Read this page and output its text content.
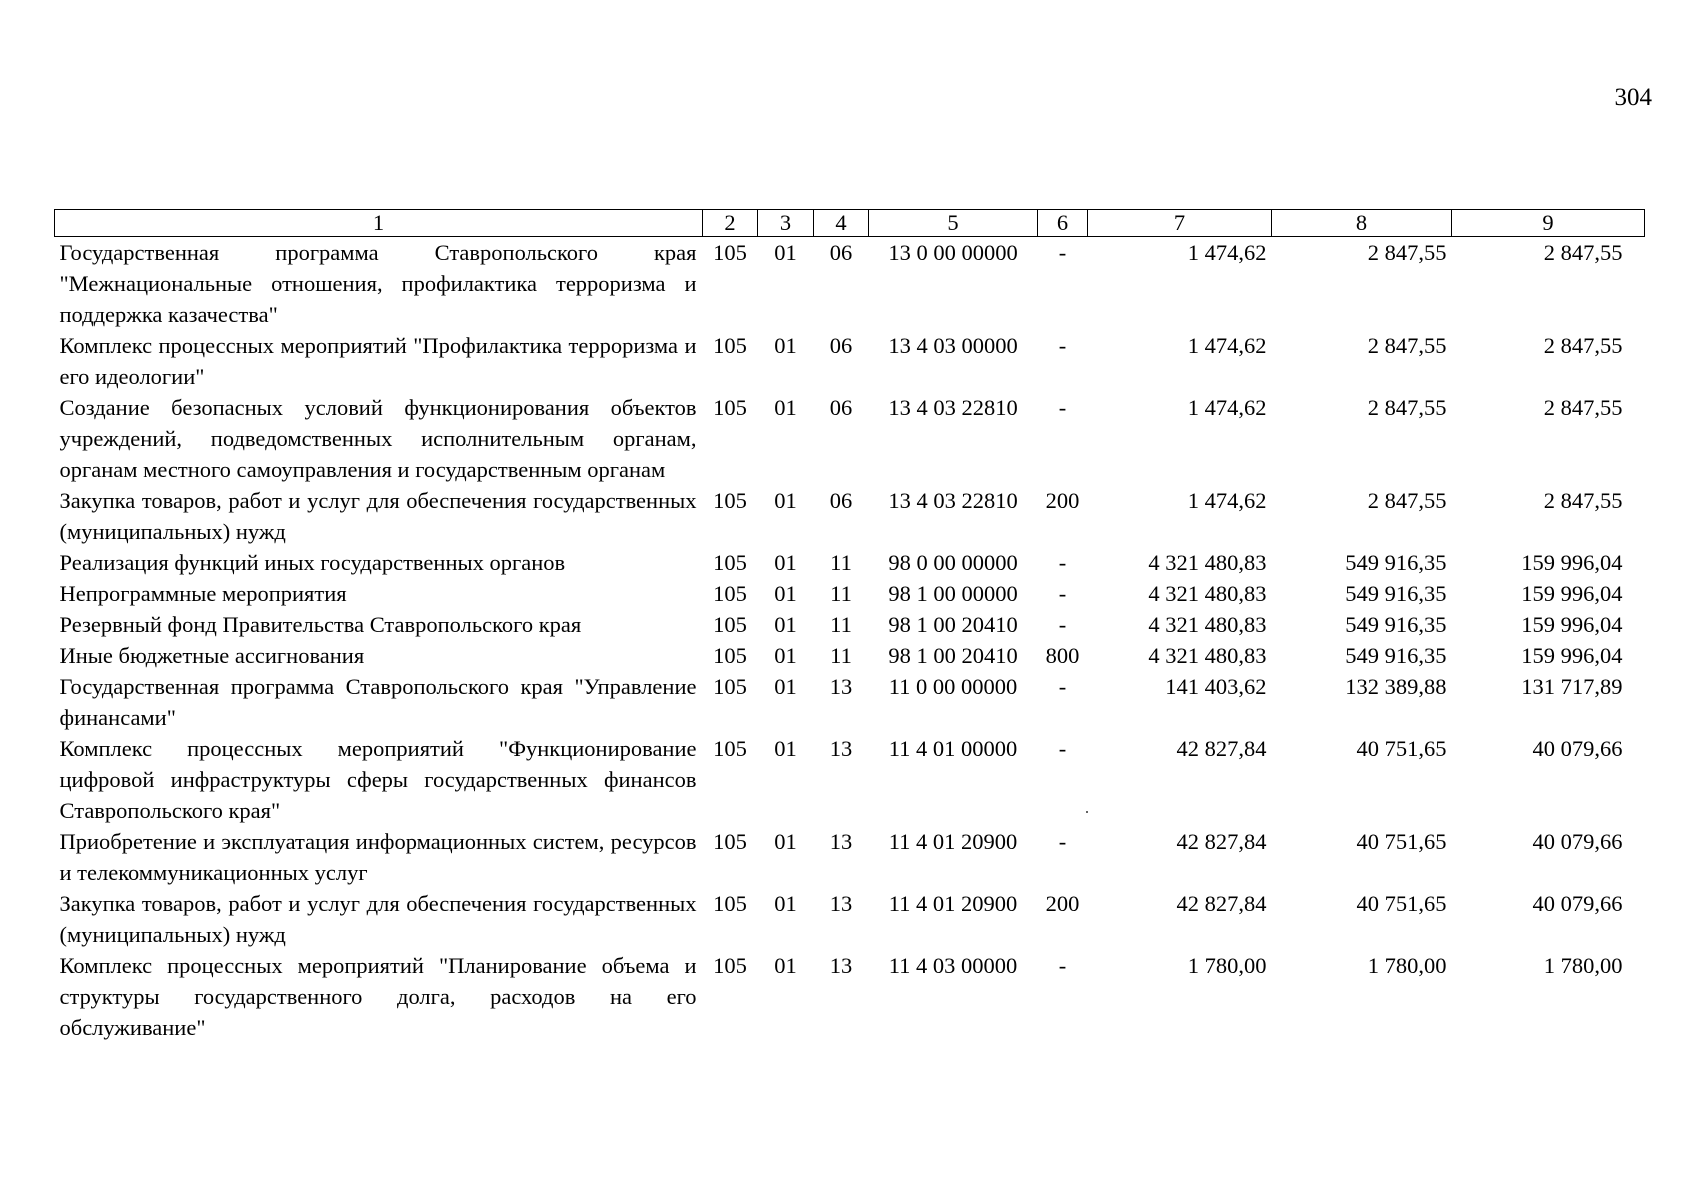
304
1	2	3	4	5	6	7	8	9
Государственная программа Ставропольского края "Межнациональные отношения, профилактика терроризма и поддержка казачества"	105	01	06	13 0 00 00000	-	1 474,62	2 847,55	2 847,55
Комплекс процессных мероприятий "Профилактика терроризма и его идеологии"	105	01	06	13 4 03 00000	-	1 474,62	2 847,55	2 847,55
Создание безопасных условий функционирования объектов учреждений, подведомственных исполнительным органам, органам местного самоуправления и государственным органам	105	01	06	13 4 03 22810	-	1 474,62	2 847,55	2 847,55
Закупка товаров, работ и услуг для обеспечения государственных (муниципальных) нужд	105	01	06	13 4 03 22810	200	1 474,62	2 847,55	2 847,55
Реализация функций иных государственных органов	105	01	11	98 0 00 00000	-	4 321 480,83	549 916,35	159 996,04
Непрограммные мероприятия	105	01	11	98 1 00 00000	-	4 321 480,83	549 916,35	159 996,04
Резервный фонд Правительства Ставропольского края	105	01	11	98 1 00 20410	-	4 321 480,83	549 916,35	159 996,04
Иные бюджетные ассигнования	105	01	11	98 1 00 20410	800	4 321 480,83	549 916,35	159 996,04
Государственная программа Ставропольского края "Управление финансами"	105	01	13	11 0 00 00000	-	141 403,62	132 389,88	131 717,89
Комплекс процессных мероприятий "Функционирование цифровой инфраструктуры сферы государственных финансов Ставропольского края"	105	01	13	11 4 01 00000	-	42 827,84	40 751,65	40 079,66
Приобретение и эксплуатация информационных систем, ресурсов и телекоммуникационных услуг	105	01	13	11 4 01 20900	-	42 827,84	40 751,65	40 079,66
Закупка товаров, работ и услуг для обеспечения государственных (муниципальных) нужд	105	01	13	11 4 01 20900	200	42 827,84	40 751,65	40 079,66
Комплекс процессных мероприятий "Планирование объема и структуры государственного долга, расходов на его обслуживание"	105	01	13	11 4 03 00000	-	1 780,00	1 780,00	1 780,00
